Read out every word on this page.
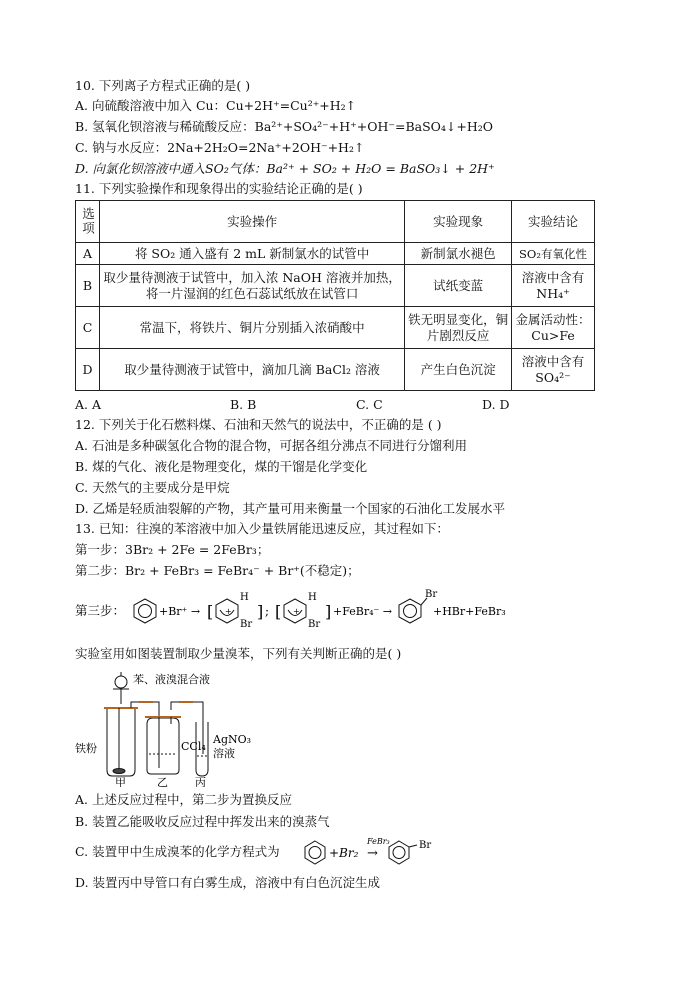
10. 下列离子方程式正确的是( )
A. 向硫酸溶液中加入 Cu：Cu+2H⁺=Cu²⁺+H₂↑
B. 氢氧化钡溶液与稀硫酸反应：Ba²⁺+SO₄²⁻+H⁺+OH⁻=BaSO₄↓+H₂O
C. 钠与水反应：2Na+2H₂O=2Na⁺+2OH⁻+H₂↑
D. 向氯化钡溶液中通入SO₂气体：Ba²⁺ + SO₂ + H₂O = BaSO₃↓ + 2H⁺
11. 下列实验操作和现象得出的实验结论正确的是( )
选项	实验操作	实验现象	实验结论
A	将 SO₂ 通入盛有 2 mL 新制氯水的试管中	新制氯水褪色	SO₂有氧化性
B	取少量待测液于试管中，加入浓 NaOH 溶液并加热，将一片湿润的红色石蕊试纸放在试管口	试纸变蓝	溶液中含有NH₄⁺
C	常温下，将铁片、铜片分别插入浓硝酸中	铁无明显变化，铜片剧烈反应	金属活动性：Cu>Fe
D	取少量待测液于试管中，滴加几滴 BaCl₂ 溶液	产生白色沉淀	溶液中含有SO₄²⁻
A. A	B. B	C. C	D. D
12. 下列关于化石燃料煤、石油和天然气的说法中，不正确的是 ( )
A. 石油是多种碳氢化合物的混合物，可据各组分沸点不同进行分馏利用
B. 煤的气化、液化是物理变化，煤的干馏是化学变化
C. 天然气的主要成分是甲烷
D. 乙烯是轻质油裂解的产物，其产量可用来衡量一个国家的石油化工发展水平
13. 已知：往溴的苯溶液中加入少量铁屑能迅速反应，其过程如下：
第一步：3Br₂ + 2Fe = 2FeBr₃；
第二步：Br₂ + FeBr₃ = FeBr₄⁻ + Br⁺(不稳定)；
第三步：	+Br⁺ → [ +
H
Br
] ; [ +
H
Br
] +FeBr₄⁻ →
Br
+HBr+FeBr₃
实验室用如图装置制取少量溴苯，下列有关判断正确的是( )
苯、液溴混合液
铁粉	CCl₄
AgNO₃
溶液
甲	乙 丙
A. 上述反应过程中，第二步为置换反应
B. 装置乙能吸收反应过程中挥发出来的溴蒸气
C. 装置甲中生成溴苯的化学方程式为	+Br₂
FeBr₃
→
Br
D. 装置丙中导管口有白雾生成，溶液中有白色沉淀生成
